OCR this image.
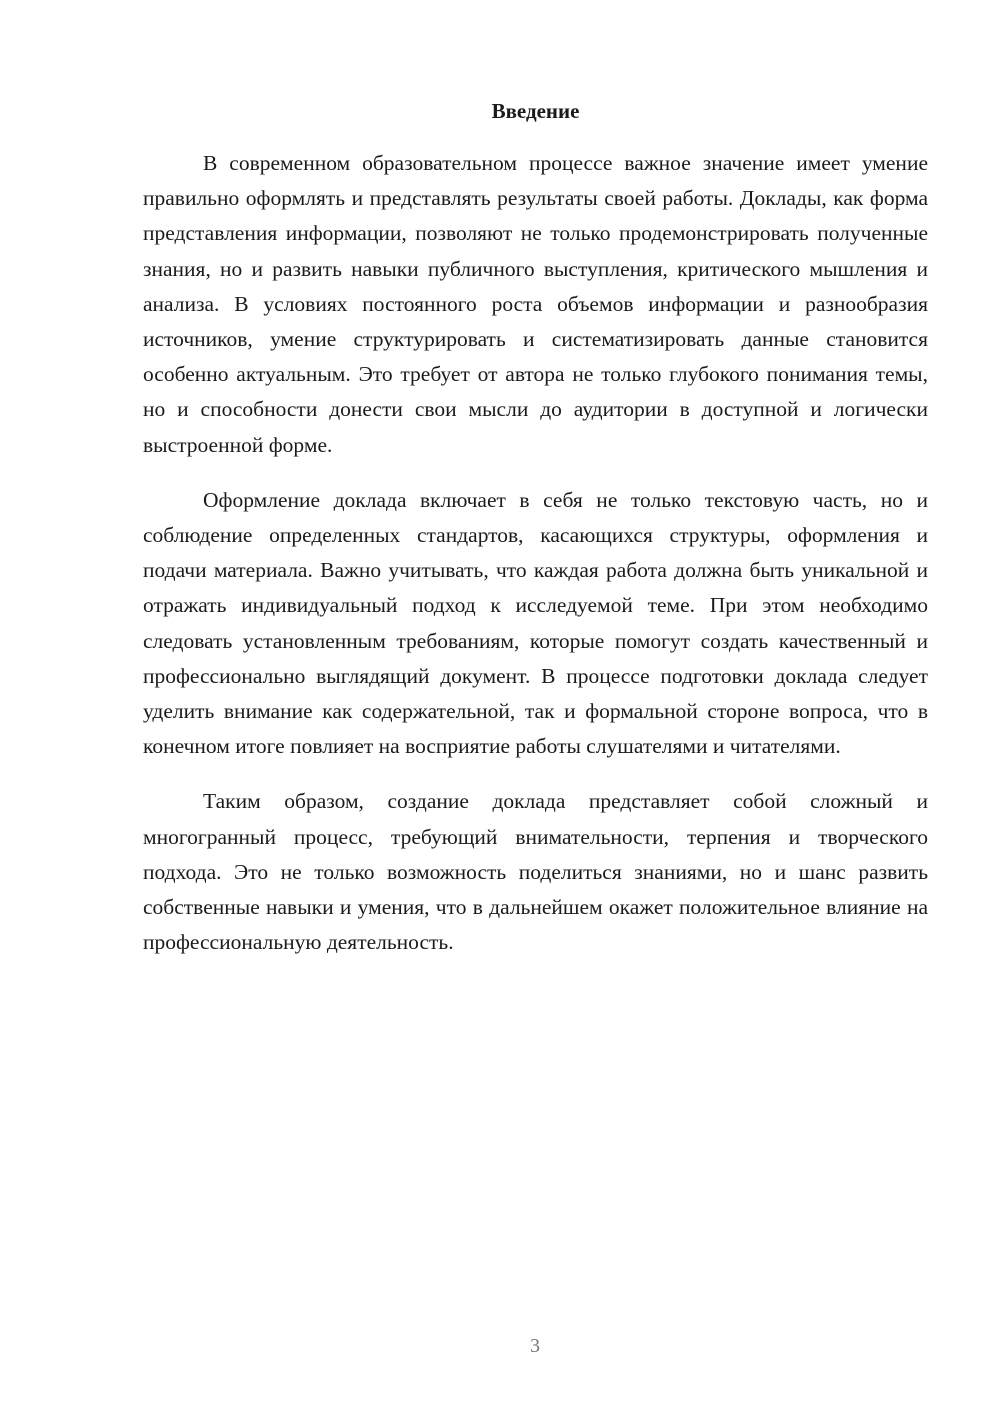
Введение

В современном образовательном процессе важное значение имеет умение правильно оформлять и представлять результаты своей работы. Доклады, как форма представления информации, позволяют не только продемонстрировать полученные знания, но и развить навыки публичного выступления, критического мышления и анализа. В условиях постоянного роста объемов информации и разнообразия источников, умение структурировать и систематизировать данные становится особенно актуальным. Это требует от автора не только глубокого понимания темы, но и способности донести свои мысли до аудитории в доступной и логически выстроенной форме.

Оформление доклада включает в себя не только текстовую часть, но и соблюдение определенных стандартов, касающихся структуры, оформления и подачи материала. Важно учитывать, что каждая работа должна быть уникальной и отражать индивидуальный подход к исследуемой теме. При этом необходимо следовать установленным требованиям, которые помогут создать качественный и профессионально выглядящий документ. В процессе подготовки доклада следует уделить внимание как содержательной, так и формальной стороне вопроса, что в конечном итоге повлияет на восприятие работы слушателями и читателями.

Таким образом, создание доклада представляет собой сложный и многогранный процесс, требующий внимательности, терпения и творческого подхода. Это не только возможность поделиться знаниями, но и шанс развить собственные навыки и умения, что в дальнейшем окажет положительное влияние на профессиональную деятельность.

3
